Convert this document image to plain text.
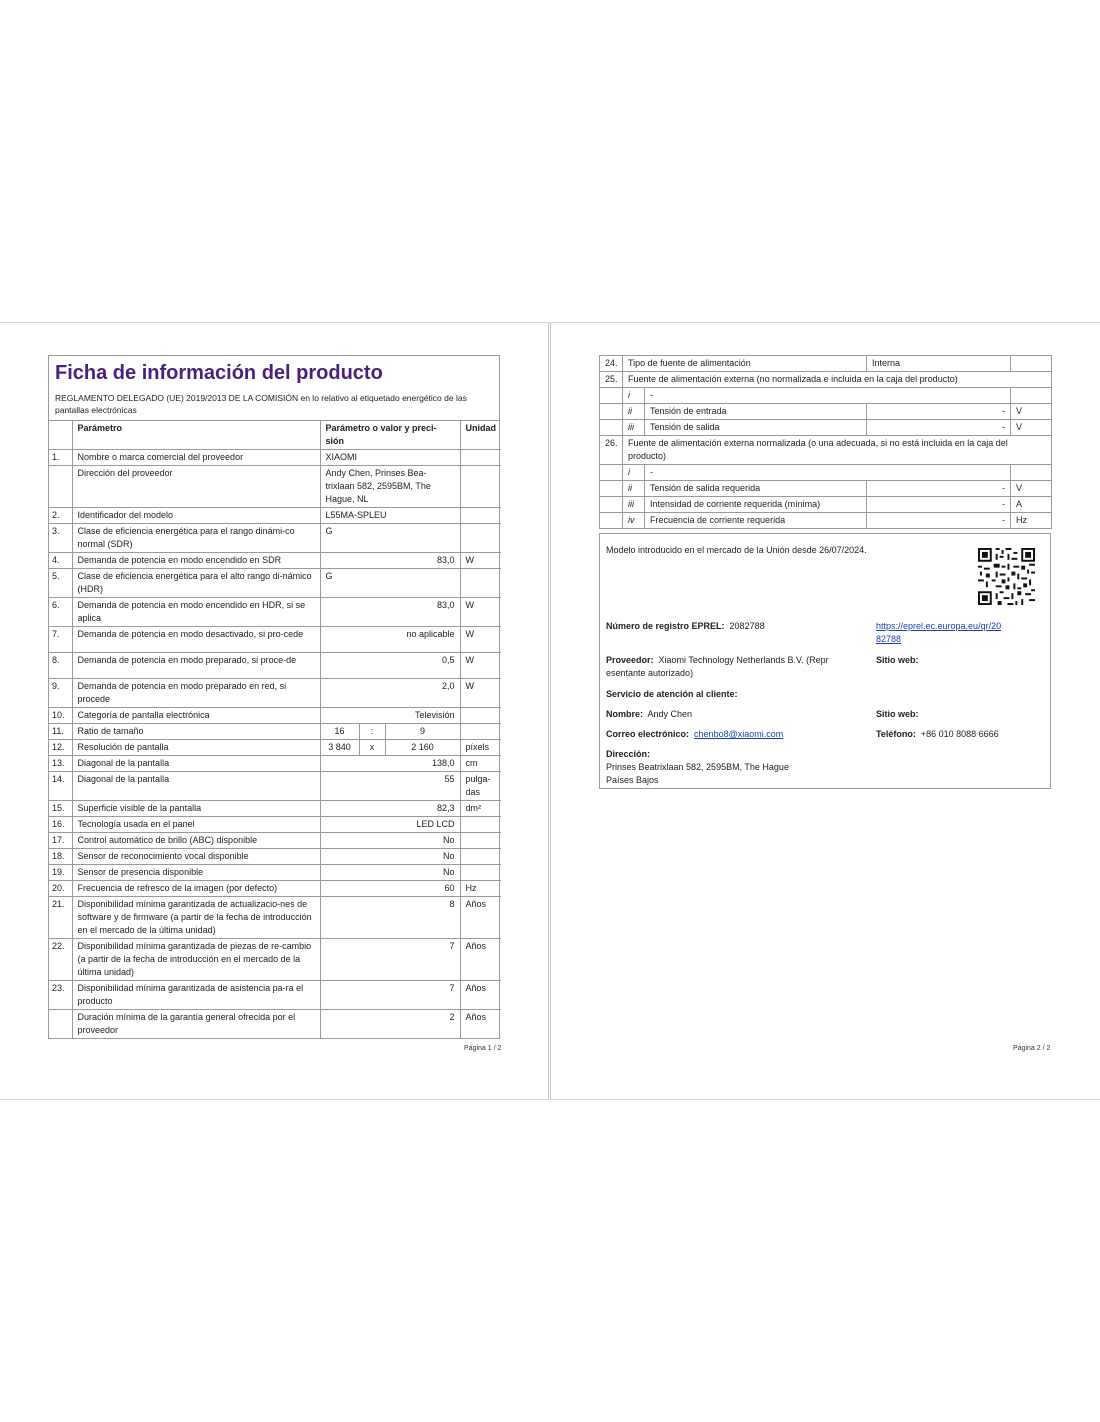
Ficha de información del producto
REGLAMENTO DELEGADO (UE) 2019/2013 DE LA COMISIÓN en lo relativo al etiquetado energético de las pantallas electrónicas
	Parámetro	Parámetro o valor y preci-sión			Unidad
1.	Nombre o marca comercial del proveedor	XIAOMI			
	Dirección del proveedor	Andy Chen, Prinses Bea-trixlaan 582, 2595BM, The Hague, NL			
2.	Identificador del modelo	L55MA-SPLEU			
3.	Clase de eficiencia energética para el rango dinámi-co normal (SDR)	G			
4.	Demanda de potencia en modo encendido en SDR	83,0			W
5.	Clase de eficiencia energética para el alto rango di-námico (HDR)	G			
6.	Demanda de potencia en modo encendido en HDR, si se aplica	83,0			W
7.	Demanda de potencia en modo desactivado, si pro-cede	no aplicable			W
8.	Demanda de potencia en modo preparado, si proce-de	0,5			W
9.	Demanda de potencia en modo preparado en red, si procede	2,0			W
10.	Categoría de pantalla electrónica	Televisión			
11.	Ratio de tamaño	16	:	9	
12.	Resolución de pantalla	3 840	x	2 160	píxels
13.	Diagonal de la pantalla	138,0			cm
14.	Diagonal de la pantalla	55			pulga-das
15.	Superficie visible de la pantalla	82,3			dm²
16.	Tecnología usada en el panel	LED LCD			
17.	Control automático de brillo (ABC) disponible	No			
18.	Sensor de reconocimiento vocal disponible	No			
19.	Sensor de presencia disponible	No			
20.	Frecuencia de refresco de la imagen (por defecto)	60			Hz
21.	Disponibilidad mínima garantizada de actualizacio-nes de software y de firmware (a partir de la fecha de introducción en el mercado de la última unidad)	8			Años
22.	Disponibilidad mínima garantizada de piezas de re-cambio (a partir de la fecha de introducción en el mercado de la última unidad)	7			Años
23.	Disponibilidad mínima garantizada de asistencia pa-ra el producto	7			Años
	Duración mínima de la garantía general ofrecida por el proveedor	2			Años
Página 1 / 2
24.	Tipo de fuente de alimentación		Interna	
25.	Fuente de alimentación externa (no normalizada e incluida en la caja del producto)			
	i	-		
	ii	Tensión de entrada	-	V
	iii	Tensión de salida	-	V
26.	Fuente de alimentación externa normalizada (o una adecuada, si no está incluida en la caja del producto)			
	i	-		
	ii	Tensión de salida requerida	-	V
	iii	Intensidad de corriente requerida (mínima)	-	A
	iv	Frecuencia de corriente requerida	-	Hz
Modelo introducido en el mercado de la Unión desde 26/07/2024.
Número de registro EPREL: 2082788	https://eprel.ec.europa.eu/qr/20
82788
Proveedor: Xiaomi Technology Netherlands B.V. (Repr
esentante autorizado)
Sitio web:
Servicio de atención al cliente:
Nombre: Andy Chen	Sitio web:
Correo electrónico: chenbo8@xiaomi.com	Teléfono: +86 010 8088 6666
Dirección:
Prinses Beatrixlaan 582, 2595BM, The Hague
Países Bajos
Página 2 / 2
